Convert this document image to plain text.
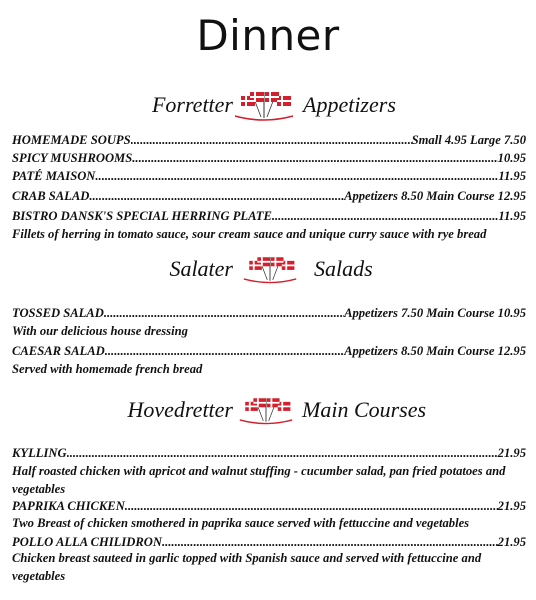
Dinner
Forretter	Appetizers
HOMEMADE SOUPS .....	Small 4.95 Large 7.50
SPICY MUSHROOMS .....	10.95
PATÉ MAISON .....	11.95
CRAB SALAD .....	Appetizers 8.50 Main Course 12.95
BISTRO DANSK'S SPECIAL HERRING PLATE .....	11.95
Fillets of herring in tomato sauce, sour cream sauce and unique curry sauce with rye bread
Salater	Salads
TOSSED SALAD .....	Appetizers 7.50 Main Course 10.95
With our delicious house dressing
CAESAR SALAD .....	Appetizers 8.50 Main Course 12.95
Served with homemade french bread
Hovedretter	Main Courses
KYLLING .....	21.95
Half roasted chicken with apricot and walnut stuffing - cucumber salad, pan fried potatoes and vegetables
PAPRIKA CHICKEN .....	21.95
Two Breast of chicken smothered in paprika sauce served with fettuccine and vegetables
POLLO ALLA CHILIDRON .....	21.95
Chicken breast sauteed in garlic topped with Spanish sauce and served with fettuccine and vegetables
